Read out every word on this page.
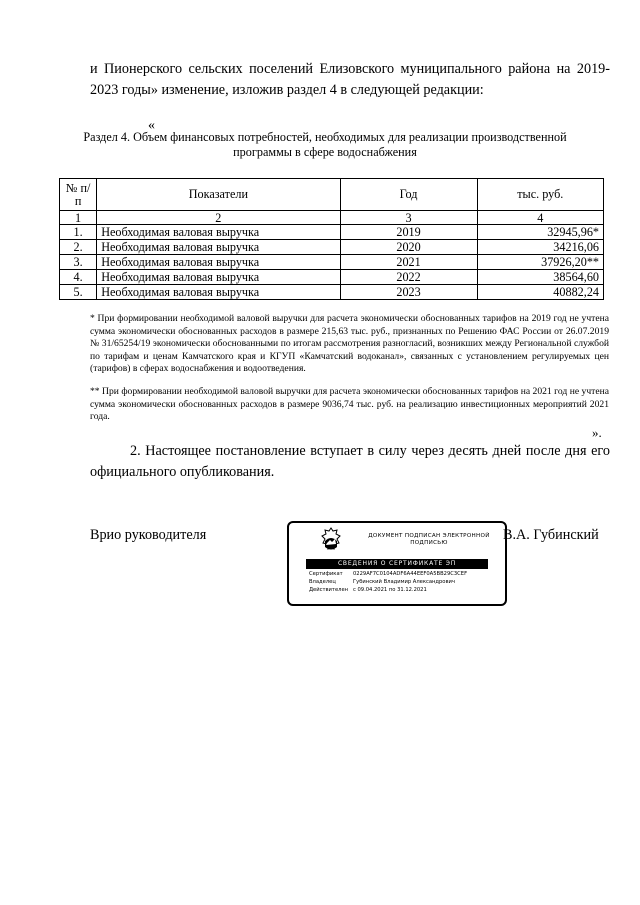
и Пионерского сельских поселений Елизовского муниципального района на 2019-2023 годы» изменение, изложив раздел 4 в следующей редакции:
«
Раздел 4. Объем финансовых потребностей, необходимых для реализации производственной программы в сфере водоснабжения
№ п/п	Показатели	Год	тыс. руб.
1	2	3	4
1.	Необходимая валовая выручка	2019	32945,96*
2.	Необходимая валовая выручка	2020	34216,06
3.	Необходимая валовая выручка	2021	37926,20**
4.	Необходимая валовая выручка	2022	38564,60
5.	Необходимая валовая выручка	2023	40882,24
* При формировании необходимой валовой выручки для расчета экономически обоснованных тарифов на 2019 год не учтена сумма экономически обоснованных расходов в размере 215,63 тыс. руб., признанных по Решению ФАС России от 26.07.2019 № 31/65254/19 экономически обоснованными по итогам рассмотрения разногласий, возникших между Региональной службой по тарифам и ценам Камчатского края и КГУП «Камчатский водоканал», связанных с установлением регулируемых цен (тарифов) в сферах водоснабжения и водоотведения.
** При формировании необходимой валовой выручки для расчета экономически обоснованных тарифов на 2021 год не учтена сумма экономически обоснованных расходов в размере 9036,74 тыс. руб. на реализацию инвестиционных мероприятий 2021 года.
».

2. Настоящее постановление вступает в силу через десять дней после дня его официального опубликования.

Врио руководителя	ДОКУМЕНТ ПОДПИСАН ЭЛЕКТРОННОЙ ПОДПИСЬЮ
СВЕДЕНИЯ О СЕРТИФИКАТЕ ЭП
Сертификат 0229AF7C0104ADF6A44EEF0A5BB29C3CEF
Владелец	Губинский Владимир Александрович
Действителен с 09.04.2021 по 31.12.2021
В.А. Губинский
